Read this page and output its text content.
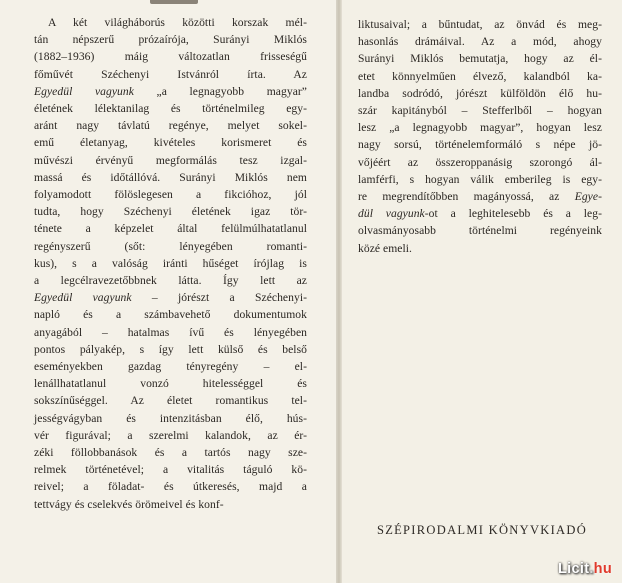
A két világháborús közötti korszak mél-
tán népszerű prózaírója, Surányi Miklós
(1882–1936) máig változatlan frisseségű
főművét Széchenyi Istvánról írta. Az
Egyedül vagyunk „a legnagyobb magyar”
életének lélektanilag és történelmileg egy-
aránt nagy távlatú regénye, melyet sokel-
emű életanyag, kivételes korismeret és
művészi érvényű megformálás tesz izgal-
massá és időtállóvá. Surányi Miklós nem
folyamodott fölöslegesen a fikcióhoz, jól
tudta, hogy Széchenyi életének igaz tör-
ténete a képzelet által felülmúlhatatlanul
regényszerű (sőt: lényegében romanti-
kus), s a valóság iránti hűséget írójlag is
a legcélravezetőbbnek látta. Így lett az
Egyedül vagyunk – jórészt a Széchenyi-
napló és a számbavehető dokumentumok
anyagából – hatalmas ívű és lényegében
pontos pályakép, s így lett külső és belső
eseményekben gazdag tényregény – el-
lenállhatatlanul vonzó hitelességgel és
sokszínűséggel. Az életet romantikus tel-
jességvágyban és intenzitásban élő, hús-
vér figurával; a szerelmi kalandok, az ér-
zéki föllobbanások és a tartós nagy sze-
relmek történetével; a vitalitás táguló kö-
reivel; a föladat- és útkeresés, majd a
tettvágy és cselekvés örömeivel és konf-
liktusaival; a bűntudat, az önvád és meg-
hasonlás drámáival. Az a mód, ahogy
Surányi Miklós bemutatja, hogy az él-
etet könnyelműen élvező, kalandból ka-
landba sodródó, jórészt külföldön élő hu-
szár kapitányból – Stefferlből – hogyan
lesz „a legnagyobb magyar”, hogyan lesz
nagy sorsú, történelemformáló s népe jö-
vőjéért az összeroppanásig szorongó ál-
lamférfi, s hogyan válik emberileg is egy-
re megrendítőbben magányossá, az Egye-
dül vagyunk-ot a leghitelesebb és a leg-
olvasmányosabb történelmi regényeink
közé emeli.
SZÉPIRODALMI KÖNYVKIADÓ
Licit.hu
